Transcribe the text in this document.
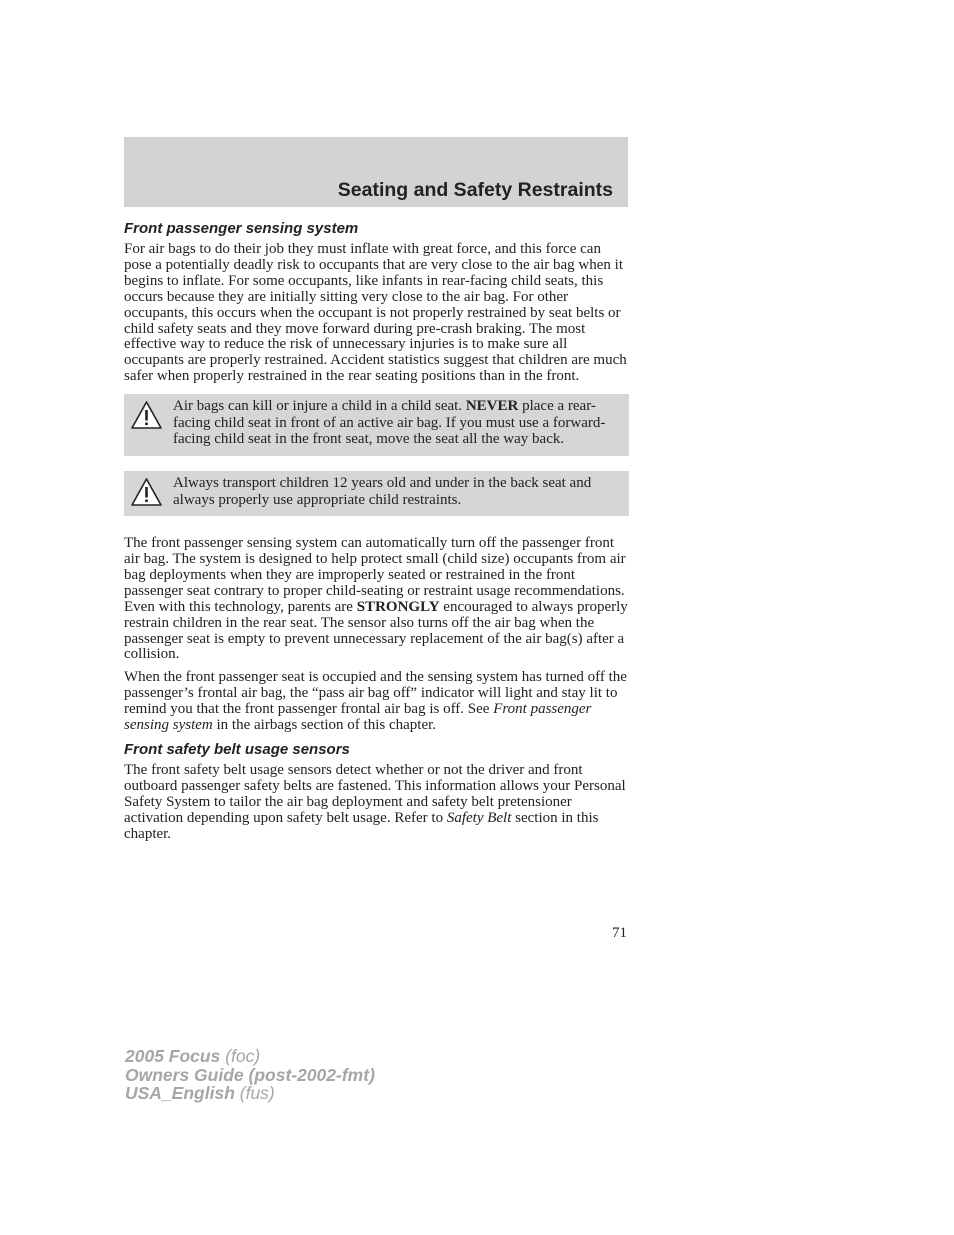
Seating and Safety Restraints
Front passenger sensing system

For air bags to do their job they must inflate with great force, and this force can pose a potentially deadly risk to occupants that are very close to the air bag when it begins to inflate. For some occupants, like infants in rear-facing child seats, this occurs because they are initially sitting very close to the air bag. For other occupants, this occurs when the occupant is not properly restrained by seat belts or child safety seats and they move forward during pre-crash braking. The most effective way to reduce the risk of unnecessary injuries is to make sure all occupants are properly restrained. Accident statistics suggest that children are much safer when properly restrained in the rear seating positions than in the front.

Air bags can kill or injure a child in a child seat. NEVER place a rear-facing child seat in front of an active air bag. If you must use a forward-facing child seat in the front seat, move the seat all the way back.
Always transport children 12 years old and under in the back seat and always properly use appropriate child restraints.

The front passenger sensing system can automatically turn off the passenger front air bag. The system is designed to help protect small (child size) occupants from air bag deployments when they are improperly seated or restrained in the front passenger seat contrary to proper child-seating or restraint usage recommendations. Even with this technology, parents are STRONGLY encouraged to always properly restrain children in the rear seat. The sensor also turns off the air bag when the passenger seat is empty to prevent unnecessary replacement of the air bag(s) after a collision.

When the front passenger seat is occupied and the sensing system has turned off the passenger’s frontal air bag, the “pass air bag off” indicator will light and stay lit to remind you that the front passenger frontal air bag is off. See Front passenger sensing system in the airbags section of this chapter.

Front safety belt usage sensors

The front safety belt usage sensors detect whether or not the driver and front outboard passenger safety belts are fastened. This information allows your Personal Safety System to tailor the air bag deployment and safety belt pretensioner activation depending upon safety belt usage. Refer to Safety Belt section in this chapter.

71
2005 Focus (foc)
Owners Guide (post-2002-fmt)
USA_English (fus)
